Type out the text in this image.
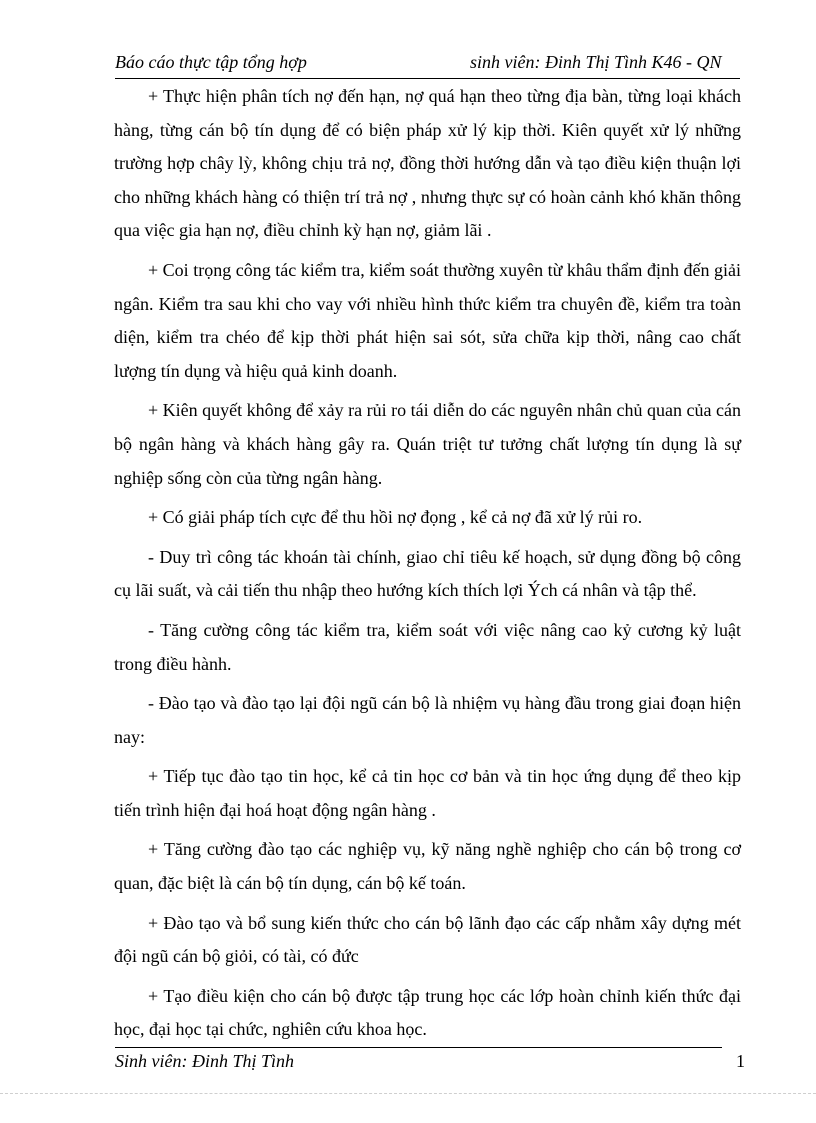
Báo cáo thực tập tổng hợp	sinh viên: Đinh Thị Tình K46 - QN

+ Thực hiện phân tích nợ đến hạn, nợ quá hạn theo từng địa bàn, từng loại khách hàng, từng cán bộ tín dụng để có biện pháp xử lý kịp thời. Kiên quyết xử lý những trường hợp chây lỳ, không chịu trả nợ, đồng thời hướng dẫn và tạo điều kiện thuận lợi cho những khách hàng có thiện trí trả nợ , nhưng thực sự có hoàn cảnh khó khăn thông qua việc gia hạn nợ, điều chỉnh kỳ hạn nợ, giảm lãi .

+ Coi trọng công tác kiểm tra, kiểm soát thường xuyên từ khâu thẩm định đến giải ngân. Kiểm tra sau khi cho vay với nhiều hình thức kiểm tra chuyên đề, kiểm tra toàn diện, kiểm tra chéo để kịp thời phát hiện sai sót, sửa chữa kịp thời, nâng cao chất lượng tín dụng và hiệu quả kinh doanh.

+ Kiên quyết không để xảy ra rủi ro tái diễn do các nguyên nhân chủ quan của cán bộ ngân hàng và khách hàng gây ra. Quán triệt tư tưởng chất lượng tín dụng là sự nghiệp sống còn của từng ngân hàng.

+ Có giải pháp tích cực để thu hồi nợ đọng , kể cả nợ đã xử lý rủi ro.

- Duy trì công tác khoán tài chính, giao chỉ tiêu kế hoạch, sử dụng đồng bộ công cụ lãi suất, và cải tiến thu nhập theo hướng kích thích lợi Ých cá nhân và tập thể.

- Tăng cường công tác kiểm tra, kiểm soát với việc nâng cao kỷ cương kỷ luật trong điều hành.

- Đào tạo và đào tạo lại đội ngũ cán bộ là nhiệm vụ hàng đầu trong giai đoạn hiện nay:

+ Tiếp tục đào tạo tin học, kể cả tin học cơ bản và tin học ứng dụng để theo kịp tiến trình hiện đại hoá hoạt động ngân hàng .

+ Tăng cường đào tạo các nghiệp vụ, kỹ năng nghề nghiệp cho cán bộ trong cơ quan, đặc biệt là cán bộ tín dụng, cán bộ kế toán.

+ Đào tạo và bổ sung kiến thức cho cán bộ lãnh đạo các cấp nhằm xây dựng mét đội ngũ cán bộ giỏi, có tài, có đức

+ Tạo điều kiện cho cán bộ được tập trung học các lớp hoàn chỉnh kiến thức đại học, đại học tại chức, nghiên cứu khoa học.

Sinh viên: Đinh Thị Tình	1
